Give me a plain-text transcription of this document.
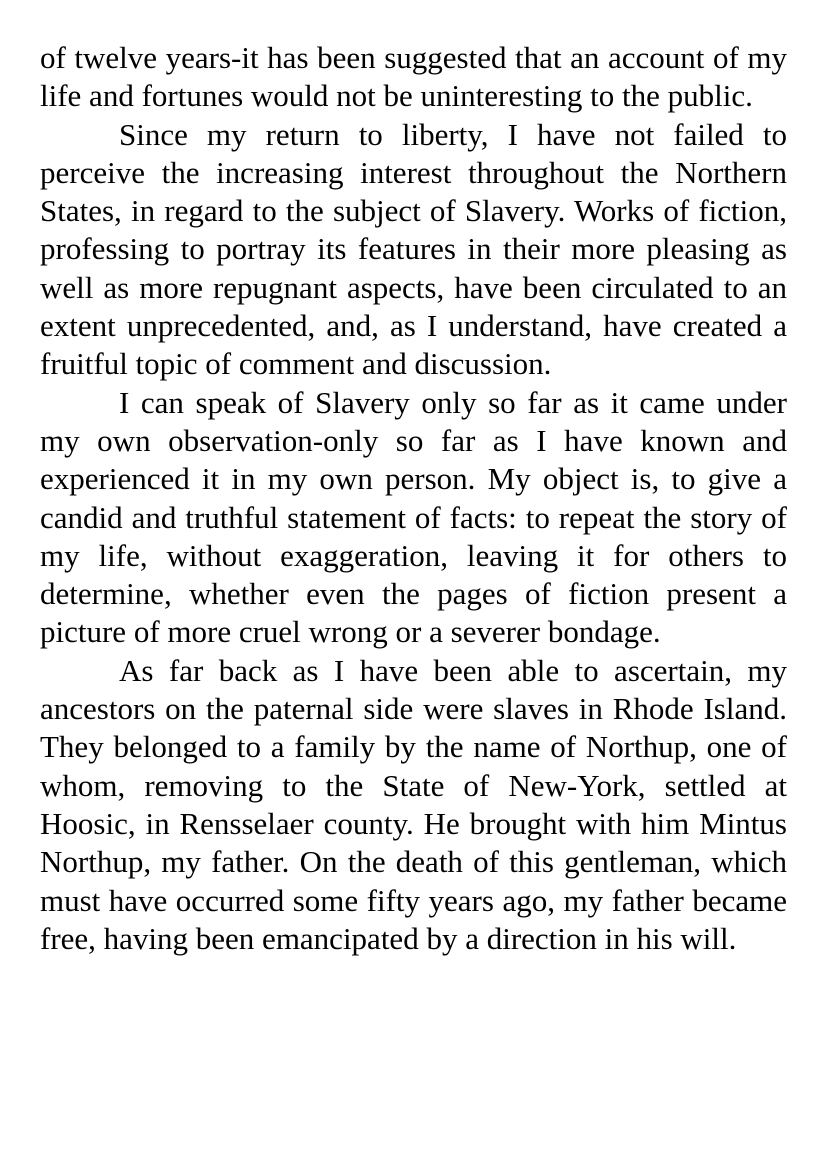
of twelve years-it has been suggested that an account of my life and fortunes would not be uninteresting to the public.

Since my return to liberty, I have not failed to perceive the increasing interest throughout the Northern States, in regard to the subject of Slavery. Works of fiction, professing to portray its features in their more pleasing as well as more repugnant aspects, have been circulated to an extent unprecedented, and, as I understand, have created a fruitful topic of comment and discussion.

I can speak of Slavery only so far as it came under my own observation-only so far as I have known and experienced it in my own person. My object is, to give a candid and truthful statement of facts: to repeat the story of my life, without exaggeration, leaving it for others to determine, whether even the pages of fiction present a picture of more cruel wrong or a severer bondage.

As far back as I have been able to ascertain, my ancestors on the paternal side were slaves in Rhode Island. They belonged to a family by the name of Northup, one of whom, removing to the State of New-York, settled at Hoosic, in Rensselaer county. He brought with him Mintus Northup, my father. On the death of this gentleman, which must have occurred some fifty years ago, my father became free, having been emancipated by a direction in his will.
